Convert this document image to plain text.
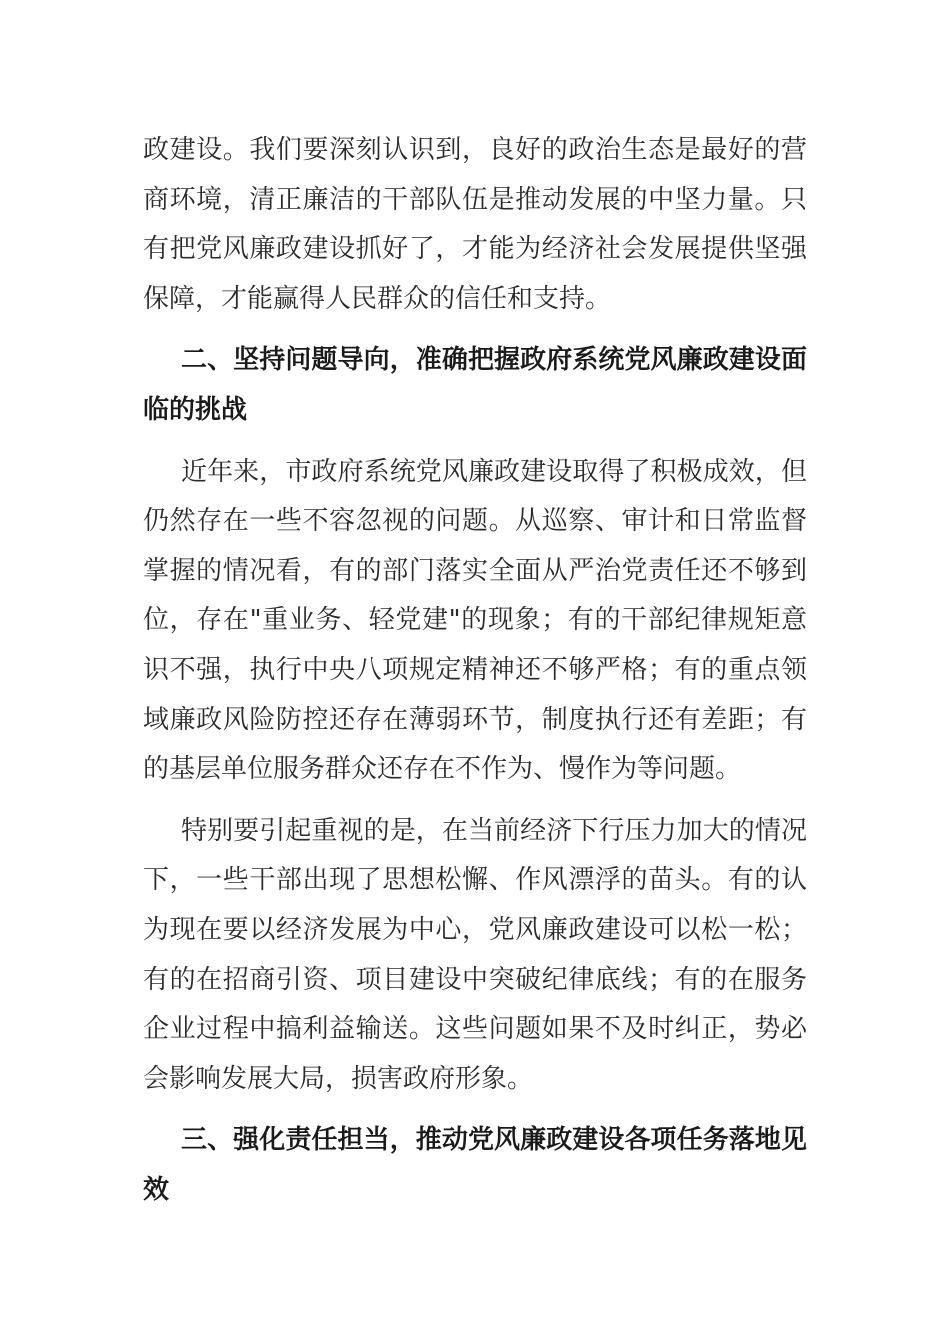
政建设。我们要深刻认识到，良好的政治生态是最好的营商环境，清正廉洁的干部队伍是推动发展的中坚力量。只有把党风廉政建设抓好了，才能为经济社会发展提供坚强保障，才能赢得人民群众的信任和支持。

二、坚持问题导向，准确把握政府系统党风廉政建设面临的挑战

近年来，市政府系统党风廉政建设取得了积极成效，但仍然存在一些不容忽视的问题。从巡察、审计和日常监督掌握的情况看，有的部门落实全面从严治党责任还不够到位，存在"重业务、轻党建"的现象；有的干部纪律规矩意识不强，执行中央八项规定精神还不够严格；有的重点领域廉政风险防控还存在薄弱环节，制度执行还有差距；有的基层单位服务群众还存在不作为、慢作为等问题。

特别要引起重视的是，在当前经济下行压力加大的情况下，一些干部出现了思想松懈、作风漂浮的苗头。有的认为现在要以经济发展为中心，党风廉政建设可以松一松；有的在招商引资、项目建设中突破纪律底线；有的在服务企业过程中搞利益输送。这些问题如果不及时纠正，势必会影响发展大局，损害政府形象。

三、强化责任担当，推动党风廉政建设各项任务落地见效
